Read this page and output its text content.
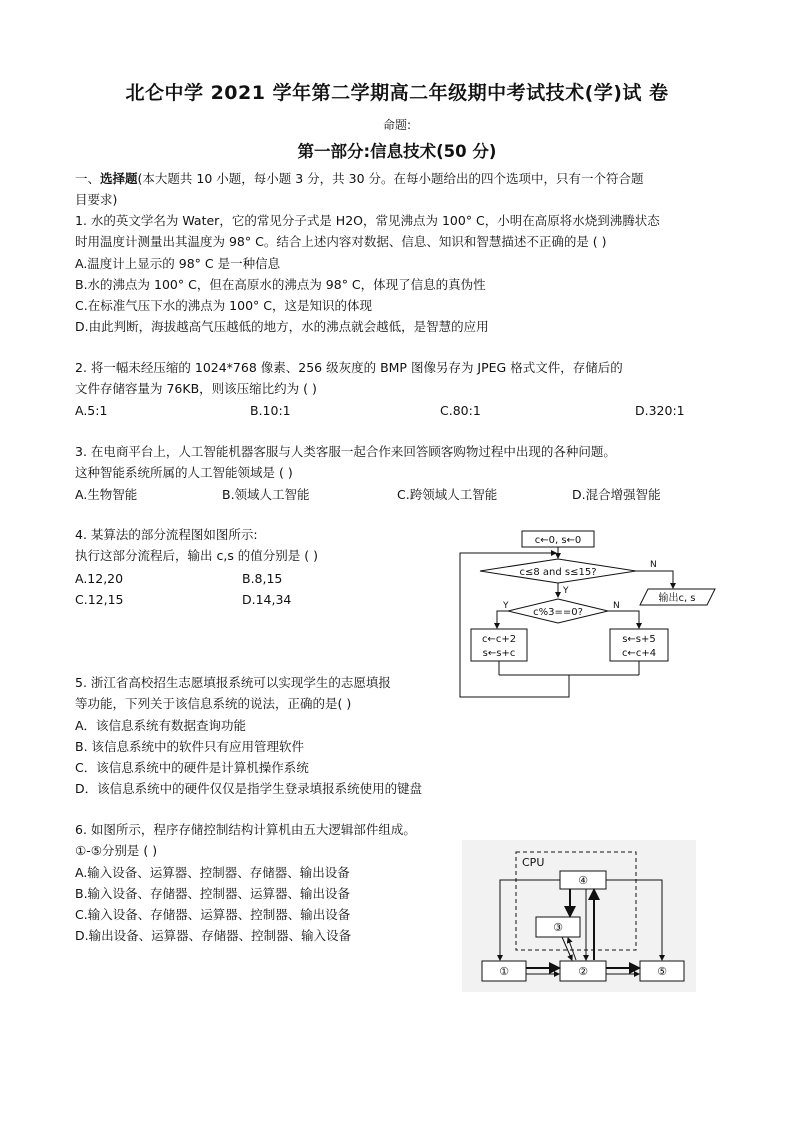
北仑中学 2021 学年第二学期高二年级期中考试技术(学)试 卷
命题:
第一部分:信息技术(50 分)
一、选择题(本大题共 10 小题，每小题 3 分，共 30 分。在每小题给出的四个选项中，只有一个符合题
目要求)
1. 水的英文学名为 Water，它的常见分子式是 H2O，常见沸点为 100° C，小明在高原将水烧到沸腾状态
时用温度计测量出其温度为 98° C。结合上述内容对数据、信息、知识和智慧描述不正确的是 ( )
A.温度计上显示的 98° C 是一种信息
B.水的沸点为 100° C，但在高原水的沸点为 98° C，体现了信息的真伪性
C.在标准气压下水的沸点为 100° C，这是知识的体现
D.由此判断，海拔越高气压越低的地方，水的沸点就会越低，是智慧的应用
2. 将一幅未经压缩的 1024*768 像素、256 级灰度的 BMP 图像另存为 JPEG 格式文件，存储后的
文件存储容量为 76KB，则该压缩比约为 ( )
A.5:1	B.10:1	C.80:1	D.320:1
3. 在电商平台上，人工智能机器客服与人类客服一起合作来回答顾客购物过程中出现的各种问题。
这种智能系统所属的人工智能领域是 ( )
A.生物智能	B.领域人工智能	C.跨领域人工智能	D.混合增强智能
4. 某算法的部分流程图如图所示:
执行这部分流程后，输出 c,s 的值分别是 ( )
A.12,20	B.8,15
C.12,15	D.14,34
c←0, s←0
c≤8 and s≤15?
c%3==0?
输出c, s
c←c+2
s←s+c
s←s+5
c←c+4
Y
N
Y	N
5. 浙江省高校招生志愿填报系统可以实现学生的志愿填报
等功能，下列关于该信息系统的说法，正确的是( )
A．该信息系统有数据查询功能
B. 该信息系统中的软件只有应用管理软件
C．该信息系统中的硬件是计算机操作系统
D．该信息系统中的硬件仅仅是指学生登录填报系统使用的键盘
6. 如图所示，程序存储控制结构计算机由五大逻辑部件组成。
①-⑤分别是 ( )
A.输入设备、运算器、控制器、存储器、输出设备
B.输入设备、存储器、控制器、运算器、输出设备
C.输入设备、存储器、运算器、控制器、输出设备
D.输出设备、运算器、存储器、控制器、输入设备
CPU
④
③
①	②	⑤
